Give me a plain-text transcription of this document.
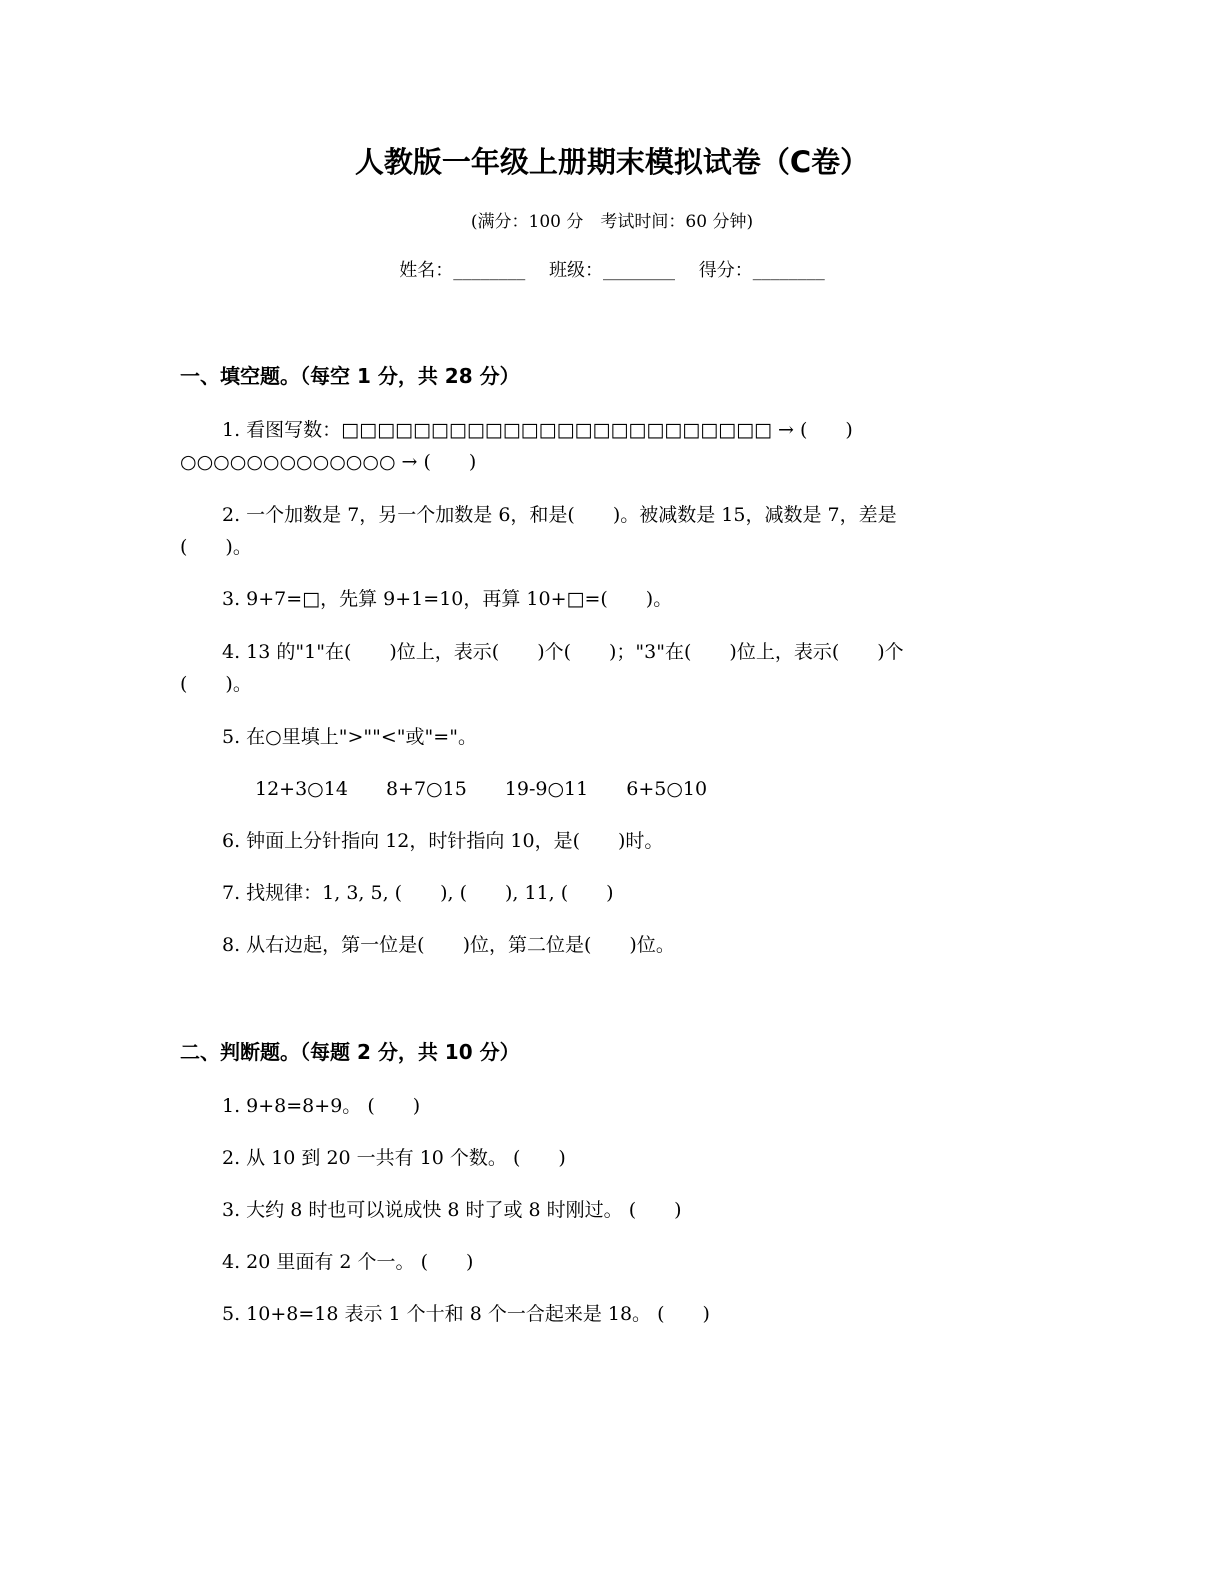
人教版一年级上册期末模拟试卷（C卷）
(满分：100 分　考试时间：60 分钟)
姓名：________ 班级：________ 得分：________
一、填空题。（每空 1 分，共 28 分）
1. 看图写数：□□□□□□□□□□□□□□□□□□□□□□□□ → (　　)
○○○○○○○○○○○○○ → (　　)
2. 一个加数是 7，另一个加数是 6，和是(　　)。被减数是 15，减数是 7，差是
(　　)。
3. 9+7=□，先算 9+1=10，再算 10+□=(　　)。
4. 13 的"1"在(　　)位上，表示(　　)个(　　)；"3"在(　　)位上，表示(　　)个
(　　)。
5. 在○里填上">""<"或"="。
12+3○14　　8+7○15　　19-9○11　　6+5○10
6. 钟面上分针指向 12，时针指向 10，是(　　)时。
7. 找规律：1, 3, 5, (　　), (　　), 11, (　　)
8. 从右边起，第一位是(　　)位，第二位是(　　)位。
二、判断题。（每题 2 分，共 10 分）
1. 9+8=8+9。 (　　)
2. 从 10 到 20 一共有 10 个数。 (　　)
3. 大约 8 时也可以说成快 8 时了或 8 时刚过。 (　　)
4. 20 里面有 2 个一。 (　　)
5. 10+8=18 表示 1 个十和 8 个一合起来是 18。 (　　)
